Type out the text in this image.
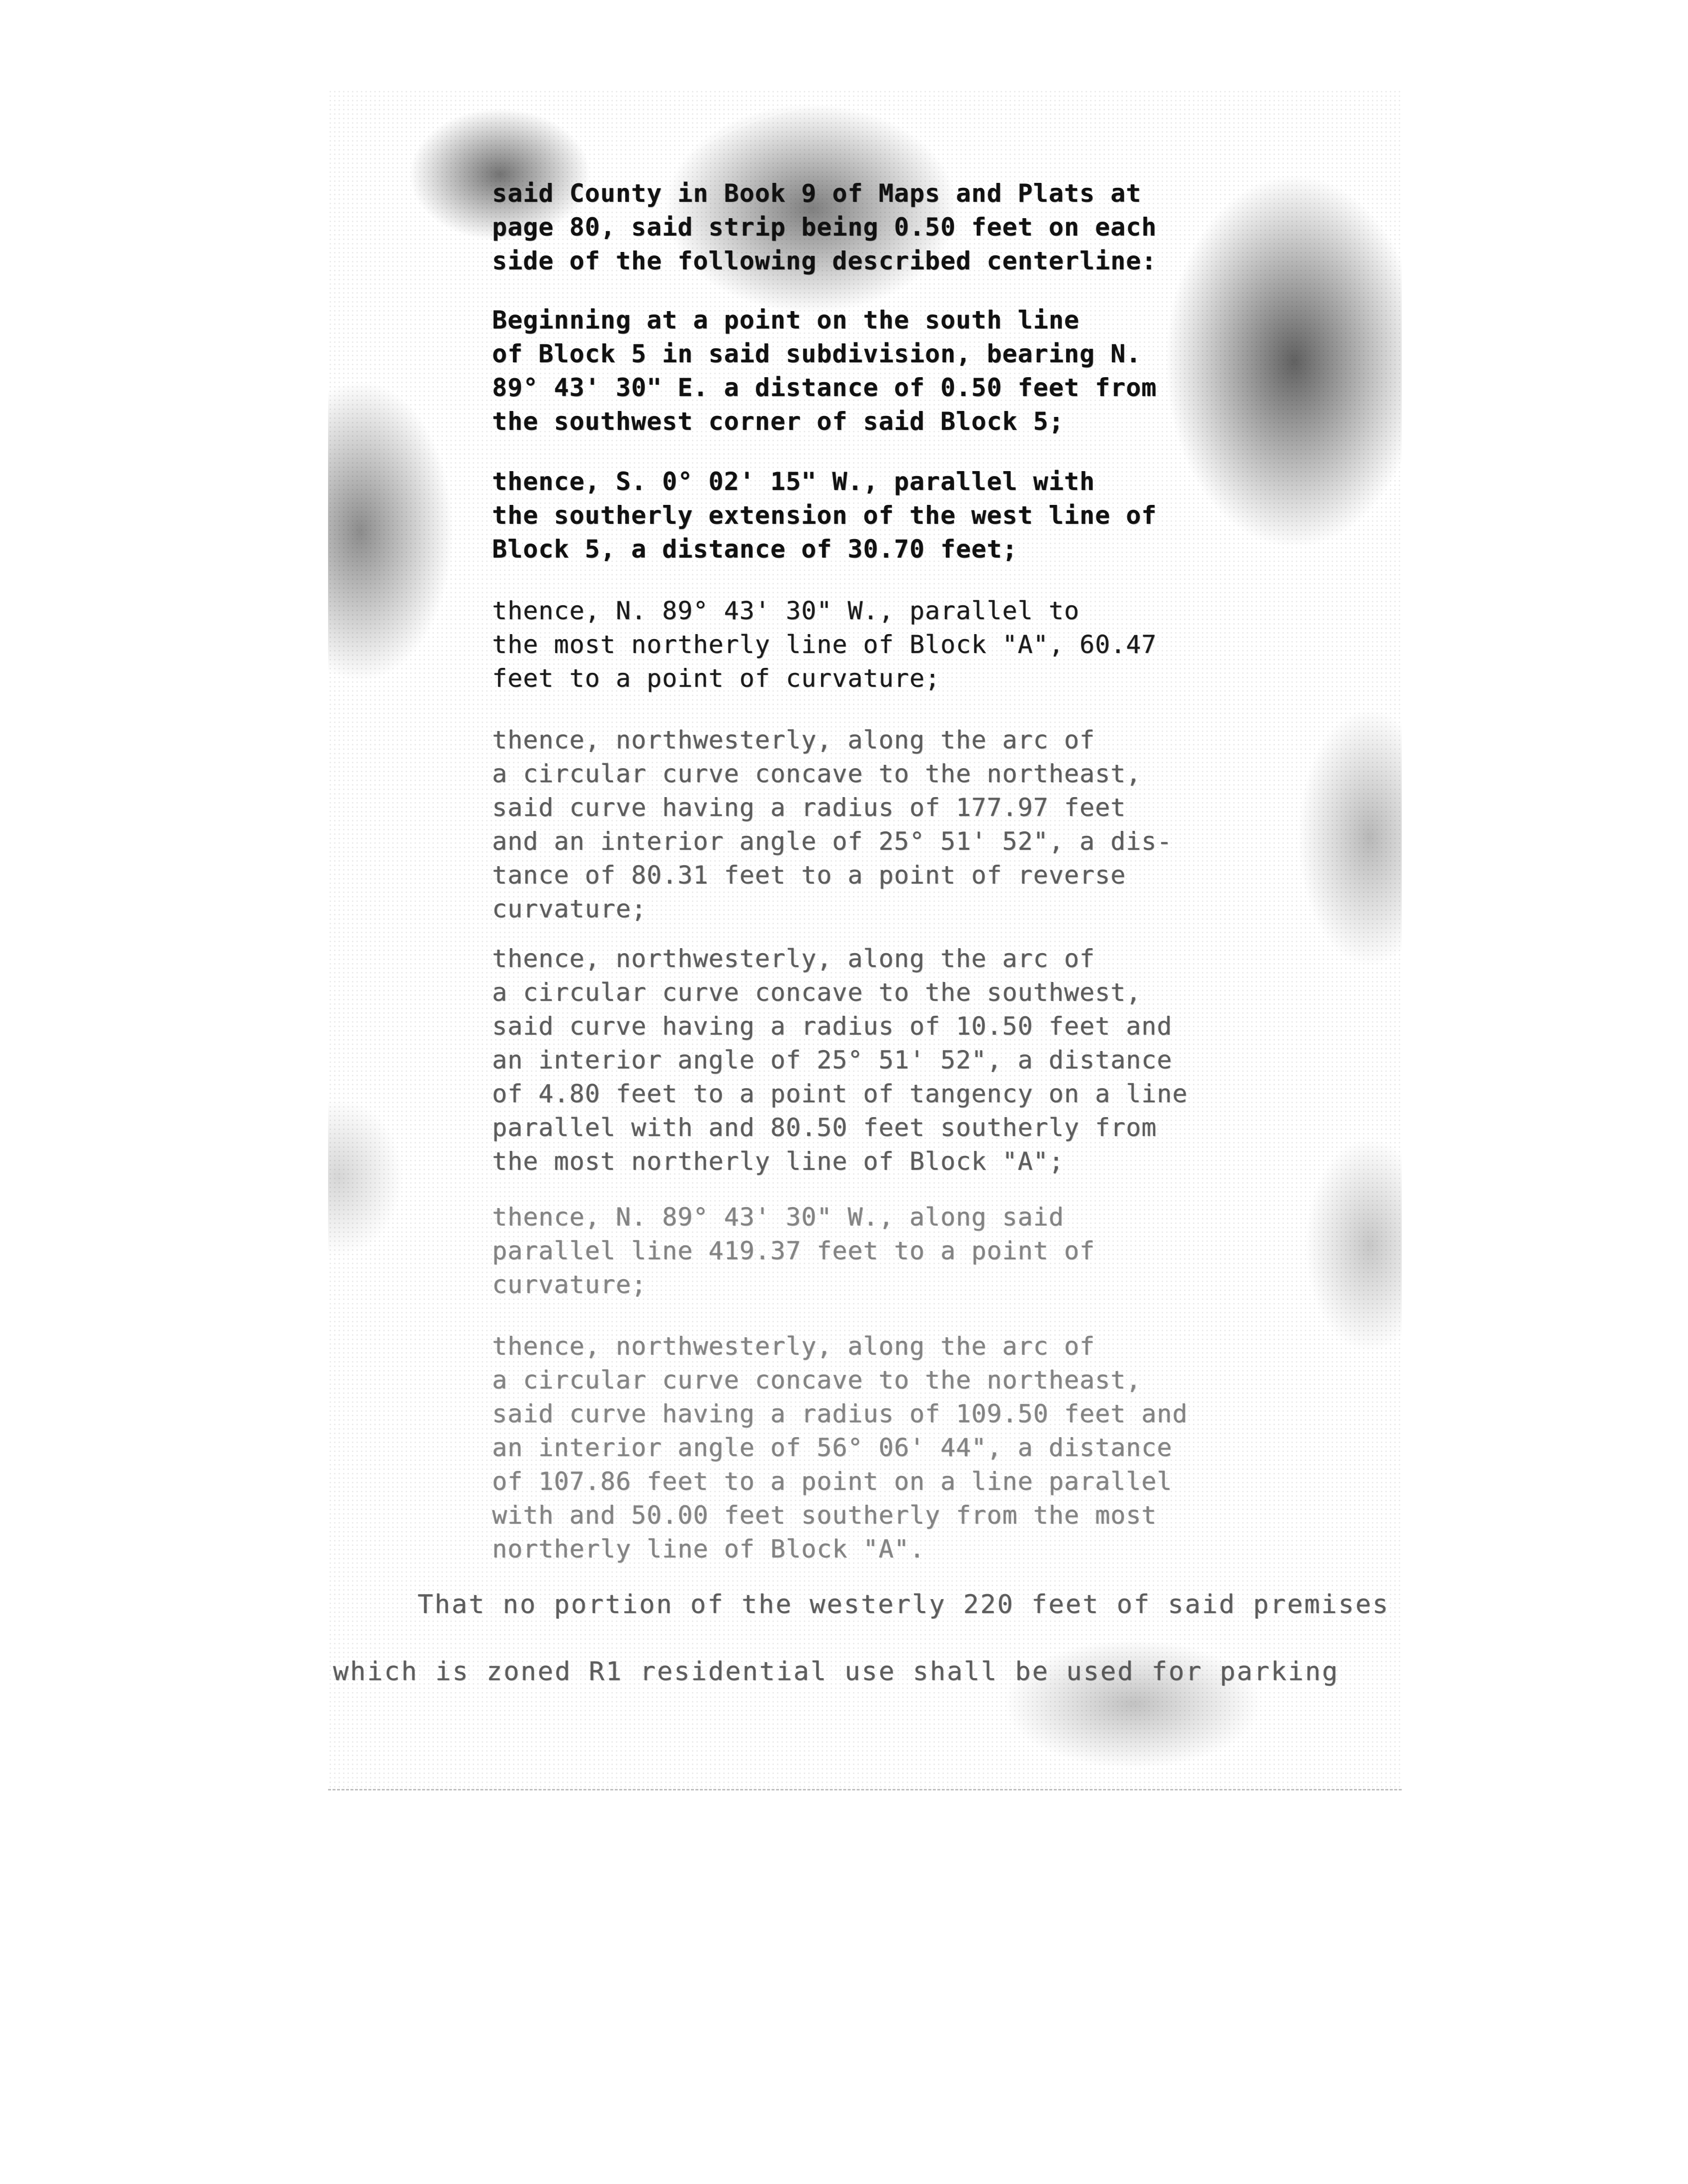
said County in Book 9 of Maps and Plats at
page 80, said strip being 0.50 feet on each
side of the following described centerline:

Beginning at a point on the south line
of Block 5 in said subdivision, bearing N.
89° 43' 30" E. a distance of 0.50 feet from
the southwest corner of said Block 5;

thence, S. 0° 02' 15" W., parallel with
the southerly extension of the west line of
Block 5, a distance of 30.70 feet;

thence, N. 89° 43' 30" W., parallel to
the most northerly line of Block "A", 60.47
feet to a point of curvature;

thence, northwesterly, along the arc of
a circular curve concave to the northeast,
said curve having a radius of 177.97 feet
and an interior angle of 25° 51' 52", a dis-
tance of 80.31 feet to a point of reverse
curvature;

thence, northwesterly, along the arc of
a circular curve concave to the southwest,
said curve having a radius of 10.50 feet and
an interior angle of 25° 51' 52", a distance
of 4.80 feet to a point of tangency on a line
parallel with and 80.50 feet southerly from
the most northerly line of Block "A";

thence, N. 89° 43' 30" W., along said
parallel line 419.37 feet to a point of
curvature;

thence, northwesterly, along the arc of
a circular curve concave to the northeast,
said curve having a radius of 109.50 feet and
an interior angle of 56° 06' 44", a distance
of 107.86 feet to a point on a line parallel
with and 50.00 feet southerly from the most
northerly line of Block "A".

That no portion of the westerly 220 feet of said premises

which is zoned R1 residential use shall be used for parking
